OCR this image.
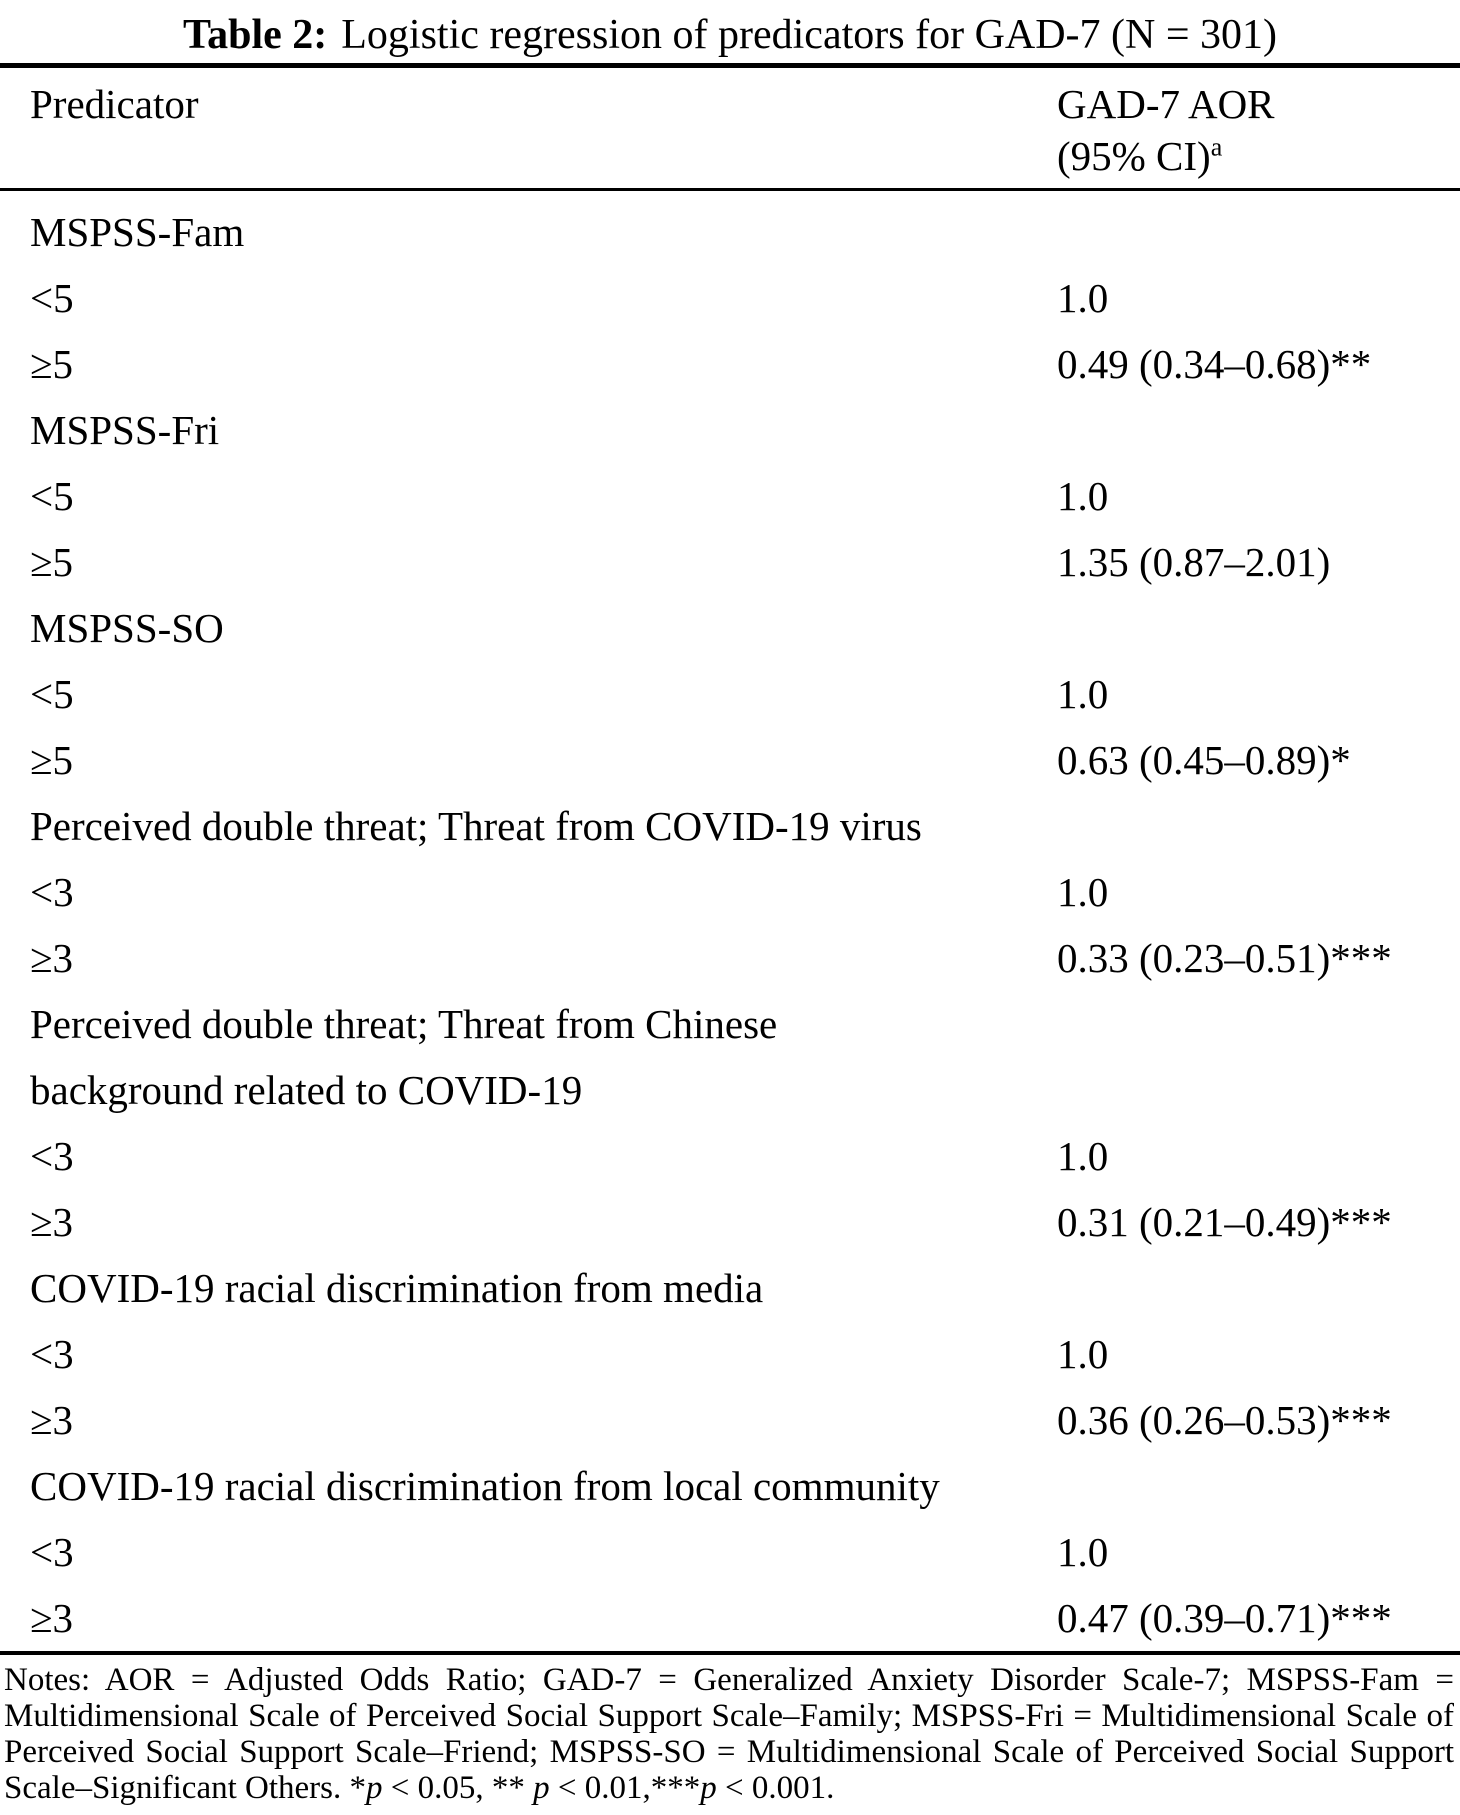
Table 2: Logistic regression of predicators for GAD-7 (N = 301)
Predicator	GAD-7 AOR
(95% CI)$^a$
MSPSS-Fam
<5	1.0
≥5	0.49 (0.34–0.68)**
MSPSS-Fri
<5	1.0
≥5	1.35 (0.87–2.01)
MSPSS-SO
<5	1.0
≥5	0.63 (0.45–0.89)*
Perceived double threat; Threat from COVID-19 virus
<3	1.0
≥3	0.33 (0.23–0.51)***
Perceived double threat; Threat from Chinese
background related to COVID-19
<3	1.0
≥3	0.31 (0.21–0.49)***
COVID-19 racial discrimination from media
<3	1.0
≥3	0.36 (0.26–0.53)***
COVID-19 racial discrimination from local community
<3	1.0
≥3	0.47 (0.39–0.71)***
Notes: AOR = Adjusted Odds Ratio; GAD-7 = Generalized Anxiety Disorder Scale-7; MSPSS-Fam = Multidimensional Scale of Perceived Social Support Scale–Family; MSPSS-Fri = Multidimensional Scale of Perceived Social Support Scale–Friend; MSPSS-SO = Multidimensional Scale of Perceived Social Support Scale–Significant Others. *p < 0.05, ** p < 0.01,***p < 0.001.
